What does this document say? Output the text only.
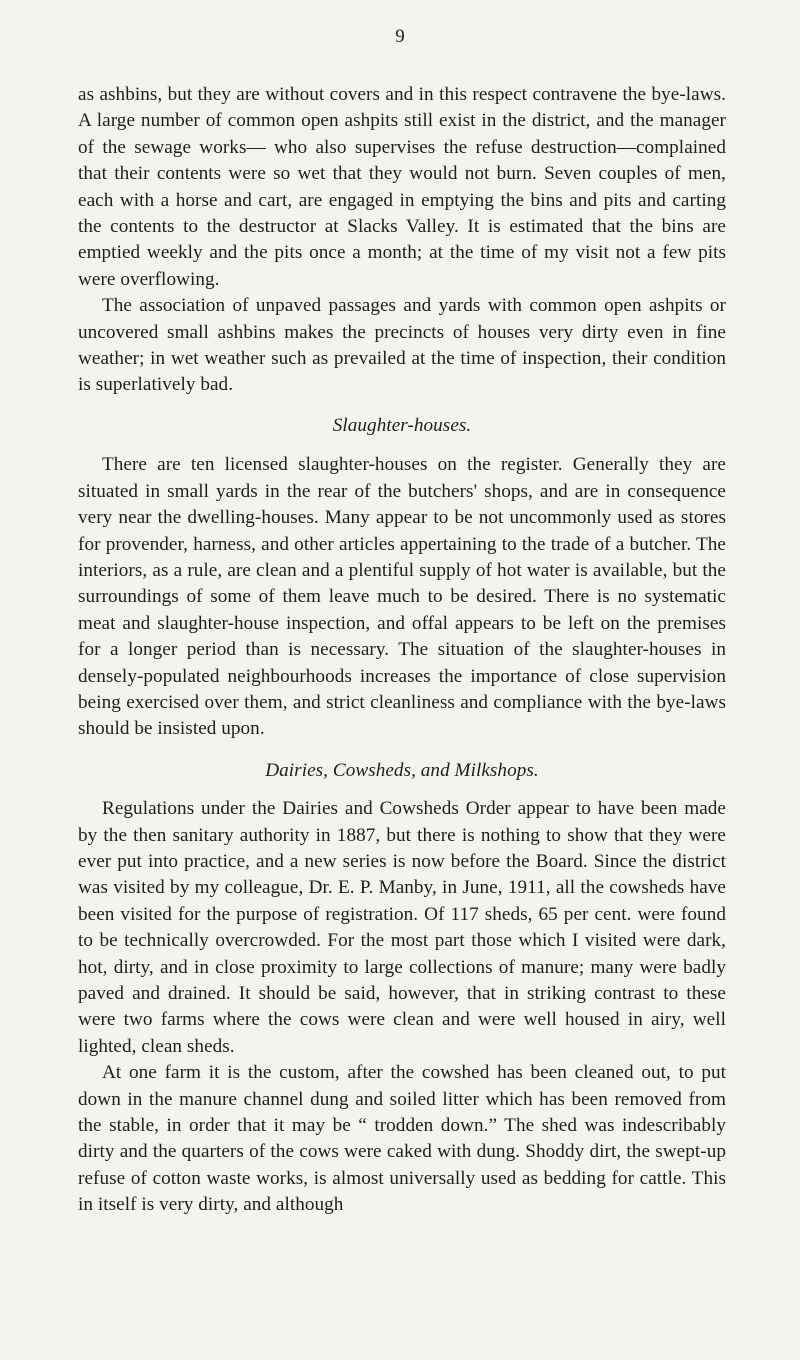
9

as ashbins, but they are without covers and in this respect contravene the bye-laws. A large number of common open ashpits still exist in the district, and the manager of the sewage works— who also supervises the refuse destruction—complained that their contents were so wet that they would not burn. Seven couples of men, each with a horse and cart, are engaged in emptying the bins and pits and carting the contents to the destructor at Slacks Valley. It is estimated that the bins are emptied weekly and the pits once a month; at the time of my visit not a few pits were overflowing.

The association of unpaved passages and yards with common open ashpits or uncovered small ashbins makes the precincts of houses very dirty even in fine weather; in wet weather such as prevailed at the time of inspection, their condition is superlatively bad.

Slaughter-houses.

There are ten licensed slaughter-houses on the register. Generally they are situated in small yards in the rear of the butchers' shops, and are in consequence very near the dwelling-houses. Many appear to be not uncommonly used as stores for provender, harness, and other articles appertaining to the trade of a butcher. The interiors, as a rule, are clean and a plentiful supply of hot water is available, but the surroundings of some of them leave much to be desired. There is no systematic meat and slaughter-house inspection, and offal appears to be left on the premises for a longer period than is necessary. The situation of the slaughter-houses in densely-populated neighbourhoods increases the importance of close supervision being exercised over them, and strict cleanliness and compliance with the bye-laws should be insisted upon.

Dairies, Cowsheds, and Milkshops.

Regulations under the Dairies and Cowsheds Order appear to have been made by the then sanitary authority in 1887, but there is nothing to show that they were ever put into practice, and a new series is now before the Board. Since the district was visited by my colleague, Dr. E. P. Manby, in June, 1911, all the cowsheds have been visited for the purpose of registration. Of 117 sheds, 65 per cent. were found to be technically overcrowded. For the most part those which I visited were dark, hot, dirty, and in close proximity to large collections of manure; many were badly paved and drained. It should be said, however, that in striking contrast to these were two farms where the cows were clean and were well housed in airy, well lighted, clean sheds.

At one farm it is the custom, after the cowshed has been cleaned out, to put down in the manure channel dung and soiled litter which has been removed from the stable, in order that it may be “ trodden down.” The shed was indescribably dirty and the quarters of the cows were caked with dung. Shoddy dirt, the swept-up refuse of cotton waste works, is almost universally used as bedding for cattle. This in itself is very dirty, and although
